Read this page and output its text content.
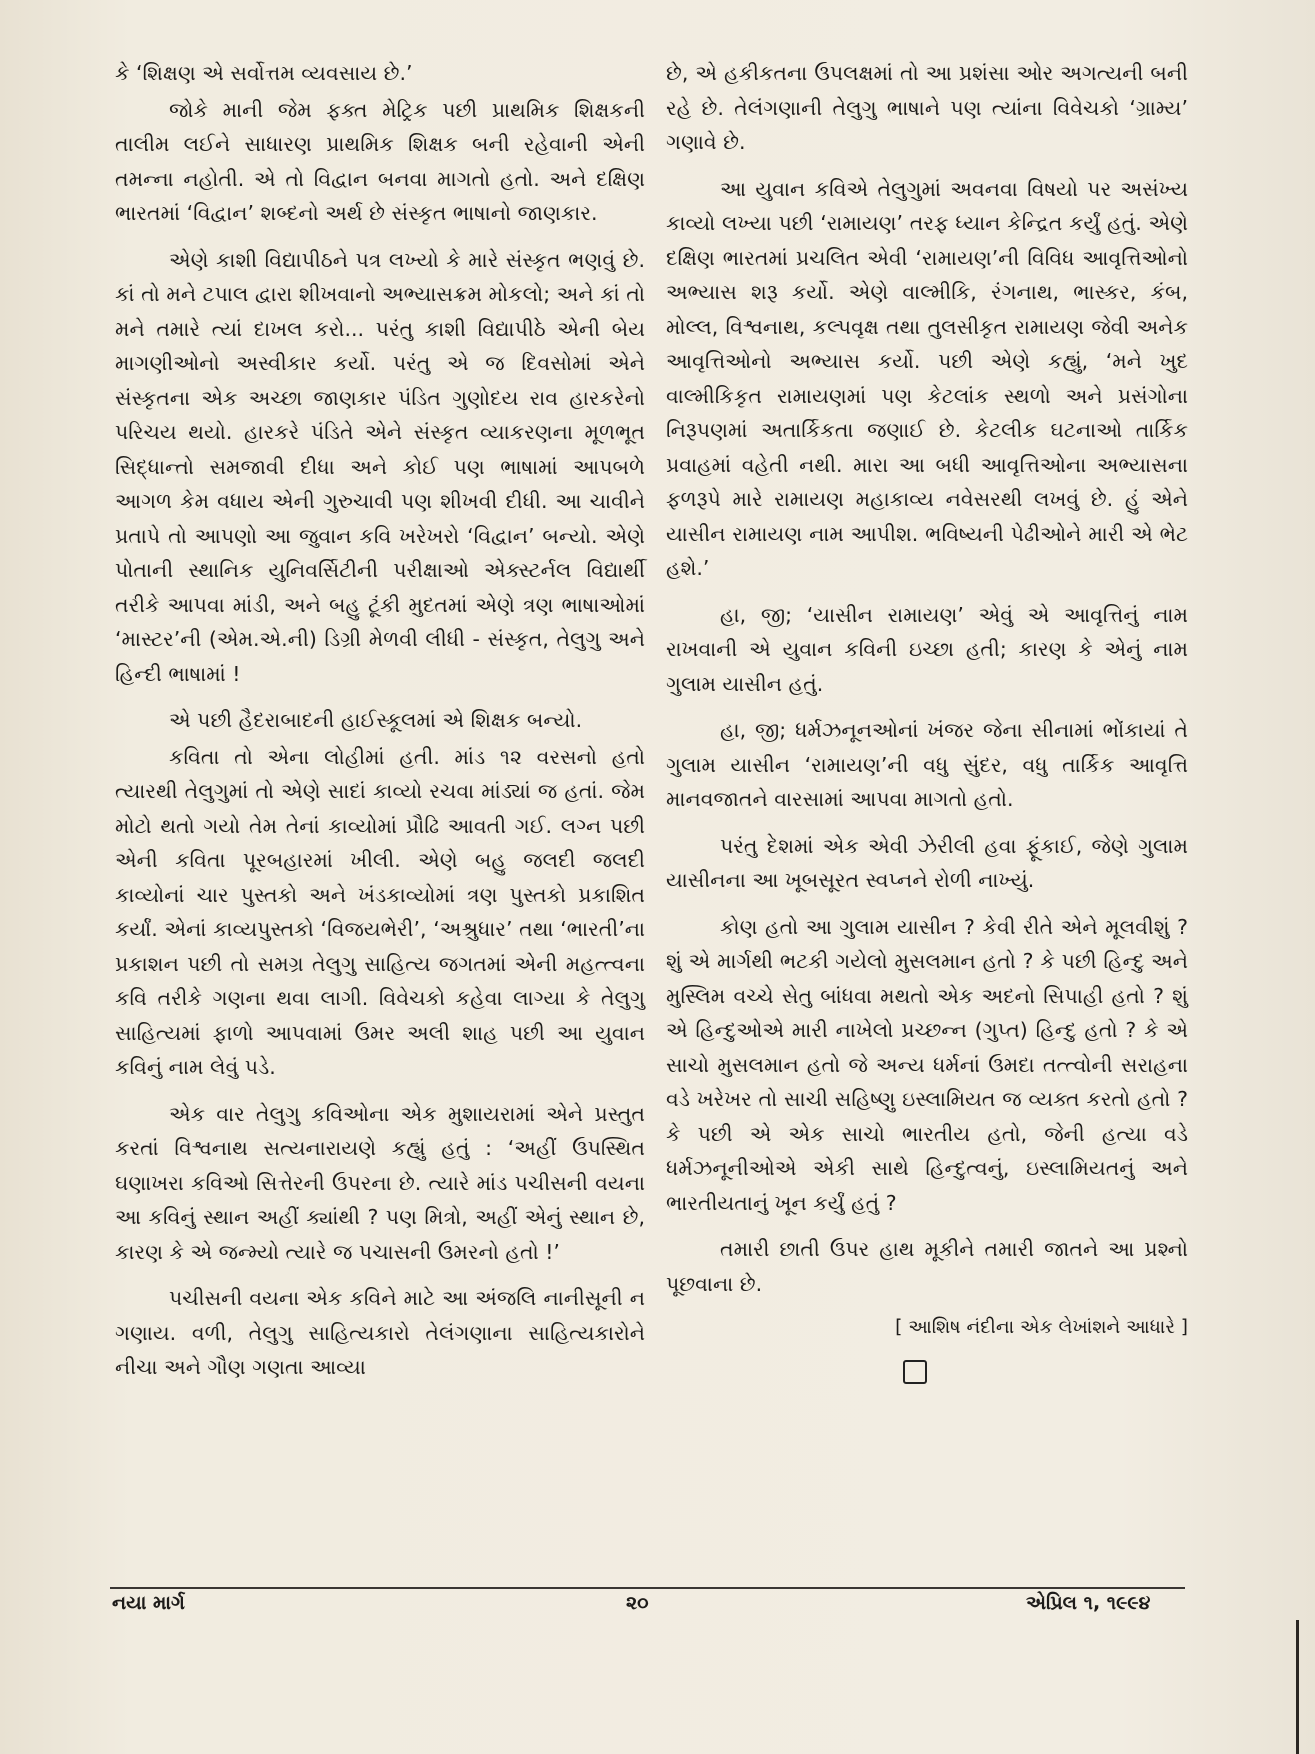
કે ‘શિક્ષણ એ સર્વોત્તમ વ્યવસાય છે.’

જોકે માની જેમ ફક્ત મેટ્રિક પછી પ્રાથમિક શિક્ષકની તાલીમ લઈને સાધારણ પ્રાથમિક શિક્ષક બની રહેવાની એની તમન્ના નહોતી. એ તો વિદ્વાન બનવા માગતો હતો. અને દક્ષિણ ભારતમાં ‘વિદ્વાન’ શબ્દનો અર્થ છે સંસ્કૃત ભાષાનો જાણકાર.

એણે કાશી વિદ્યાપીઠને પત્ર લખ્યો કે મારે સંસ્કૃત ભણવું છે. કાં તો મને ટપાલ દ્વારા શીખવાનો અભ્યાસક્રમ મોકલો; અને કાં તો મને તમારે ત્યાં દાખલ કરો... પરંતુ કાશી વિદ્યાપીઠે એની બેય માગણીઓનો અસ્વીકાર કર્યો. પરંતુ એ જ દિવસોમાં એને સંસ્કૃતના એક અચ્છા જાણકાર પંડિત ગુણોદય રાવ હારકરેનો પરિચય થયો. હારકરે પંડિતે એને સંસ્કૃત વ્યાકરણના મૂળભૂત સિદ્ધાન્તો સમજાવી દીધા અને કોઈ પણ ભાષામાં આપબળે આગળ કેમ વધાય એની ગુરુચાવી પણ શીખવી દીધી. આ ચાવીને પ્રતાપે તો આપણો આ જુવાન કવિ ખરેખરો ‘વિદ્વાન’ બન્યો. એણે પોતાની સ્થાનિક યુનિવર્સિટીની પરીક્ષાઓ એક્સ્ટર્નલ વિદ્યાર્થી તરીકે આપવા માંડી, અને બહુ ટૂંકી મુદતમાં એણે ત્રણ ભાષાઓમાં ‘માસ્ટર’ની (એમ.એ.ની) ડિગ્રી મેળવી લીધી - સંસ્કૃત, તેલુગુ અને હિન્દી ભાષામાં !

એ પછી હૈદરાબાદની હાઈસ્કૂલમાં એ શિક્ષક બન્યો.

કવિતા તો એના લોહીમાં હતી. માંડ ૧૨ વરસનો હતો ત્યારથી તેલુગુમાં તો એણે સાદાં કાવ્યો રચવા માંડ્યાં જ હતાં. જેમ મોટો થતો ગયો તેમ તેનાં કાવ્યોમાં પ્રૌઢિ આવતી ગઈ. લગ્ન પછી એની કવિતા પૂરબહારમાં ખીલી. એણે બહુ જલદી જલદી કાવ્યોનાં ચાર પુસ્તકો અને ખંડકાવ્યોમાં ત્રણ પુસ્તકો પ્રકાશિત કર્યાં. એનાં કાવ્યપુસ્તકો ‘વિજયભેરી’, ‘અશ્રુધાર’ તથા ‘ભારતી’ના પ્રકાશન પછી તો સમગ્ર તેલુગુ સાહિત્ય જગતમાં એની મહત્ત્વના કવિ તરીકે ગણના થવા લાગી. વિવેચકો કહેવા લાગ્યા કે તેલુગુ સાહિત્યમાં ફાળો આપવામાં ઉમર અલી શાહ પછી આ યુવાન કવિનું નામ લેવું પડે.

એક વાર તેલુગુ કવિઓના એક મુશાયરામાં એને પ્રસ્તુત કરતાં વિશ્વનાથ સત્યનારાયણે કહ્યું હતું : ‘અહીં ઉપસ્થિત ઘણાખરા કવિઓ સિત્તેરની ઉપરના છે. ત્યારે માંડ પચીસની વયના આ કવિનું સ્થાન અહીં ક્યાંથી ? પણ મિત્રો, અહીં એનું સ્થાન છે, કારણ કે એ જન્મ્યો ત્યારે જ પચાસની ઉમરનો હતો !’

પચીસની વયના એક કવિને માટે આ અંજલિ નાનીસૂની ન ગણાય. વળી, તેલુગુ સાહિત્યકારો તેલંગણાના સાહિત્યકારોને નીચા અને ગૌણ ગણતા આવ્યા

છે, એ હકીકતના ઉપલક્ષમાં તો આ પ્રશંસા ઓર અગત્યની બની રહે છે. તેલંગણાની તેલુગુ ભાષાને પણ ત્યાંના વિવેચકો ‘ગ્રામ્ય’ ગણાવે છે.

આ યુવાન કવિએ તેલુગુમાં અવનવા વિષયો પર અસંખ્ય કાવ્યો લખ્યા પછી ‘રામાયણ’ તરફ ધ્યાન કેન્દ્રિત કર્યું હતું. એણે દક્ષિણ ભારતમાં પ્રચલિત એવી ‘રામાયણ’ની વિવિધ આવૃત્તિઓનો અભ્યાસ શરૂ કર્યો. એણે વાલ્મીકિ, રંગનાથ, ભાસ્કર, કંબ, મોલ્લ, વિશ્વનાથ, કલ્પવૃક્ષ તથા તુલસીકૃત રામાયણ જેવી અનેક આવૃત્તિઓનો અભ્યાસ કર્યો. પછી એણે કહ્યું, ‘મને ખુદ વાલ્મીકિકૃત રામાયણમાં પણ કેટલાંક સ્થળો અને પ્રસંગોના નિરૂપણમાં અતાર્કિકતા જણાઈ છે. કેટલીક ઘટનાઓ તાર્કિક પ્રવાહમાં વહેતી નથી. મારા આ બધી આવૃત્તિઓના અભ્યાસના ફળરૂપે મારે રામાયણ મહાકાવ્ય નવેસરથી લખવું છે. હું એને યાસીન રામાયણ નામ આપીશ. ભવિષ્યની પેઢીઓને મારી એ ભેટ હશે.’

હા, જી; ‘યાસીન રામાયણ’ એવું એ આવૃત્તિનું નામ રાખવાની એ યુવાન કવિની ઇચ્છા હતી; કારણ કે એનું નામ ગુલામ યાસીન હતું.

હા, જી; ધર્મઝનૂનઓનાં ખંજર જેના સીનામાં ભોંકાયાં તે ગુલામ યાસીન ‘રામાયણ’ની વધુ સુંદર, વધુ તાર્કિક આવૃત્તિ માનવજાતને વારસામાં આપવા માગતો હતો.

પરંતુ દેશમાં એક એવી ઝેરીલી હવા ફૂંકાઈ, જેણે ગુલામ યાસીનના આ ખૂબસૂરત સ્વપ્નને રોળી નાખ્યું.

કોણ હતો આ ગુલામ યાસીન ? કેવી રીતે એને મૂલવીશું ? શું એ માર્ગથી ભટકી ગયેલો મુસલમાન હતો ? કે પછી હિન્દુ અને મુસ્લિમ વચ્ચે સેતુ બાંધવા મથતો એક અદનો સિપાહી હતો ? શું એ હિન્દુઓએ મારી નાખેલો પ્રચ્છન્ન (ગુપ્ત) હિન્દુ હતો ? કે એ સાચો મુસલમાન હતો જે અન્ય ધર્મનાં ઉમદા તત્ત્વોની સરાહના વડે ખરેખર તો સાચી સહિષ્ણુ ઇસ્લામિયત જ વ્યક્ત કરતો હતો ? કે પછી એ એક સાચો ભારતીય હતો, જેની હત્યા વડે ધર્મઝનૂનીઓએ એકી સાથે હિન્દુત્વનું, ઇસ્લામિયતનું અને ભારતીયતાનું ખૂન કર્યું હતું ?

તમારી છાતી ઉપર હાથ મૂકીને તમારી જાતને આ પ્રશ્નો પૂછવાના છે.

[ આશિષ નંદીના એક લેખાંશને આધારે ]
નયા માર્ગ	૨૦	એપ્રિલ ૧, ૧૯૯૪
